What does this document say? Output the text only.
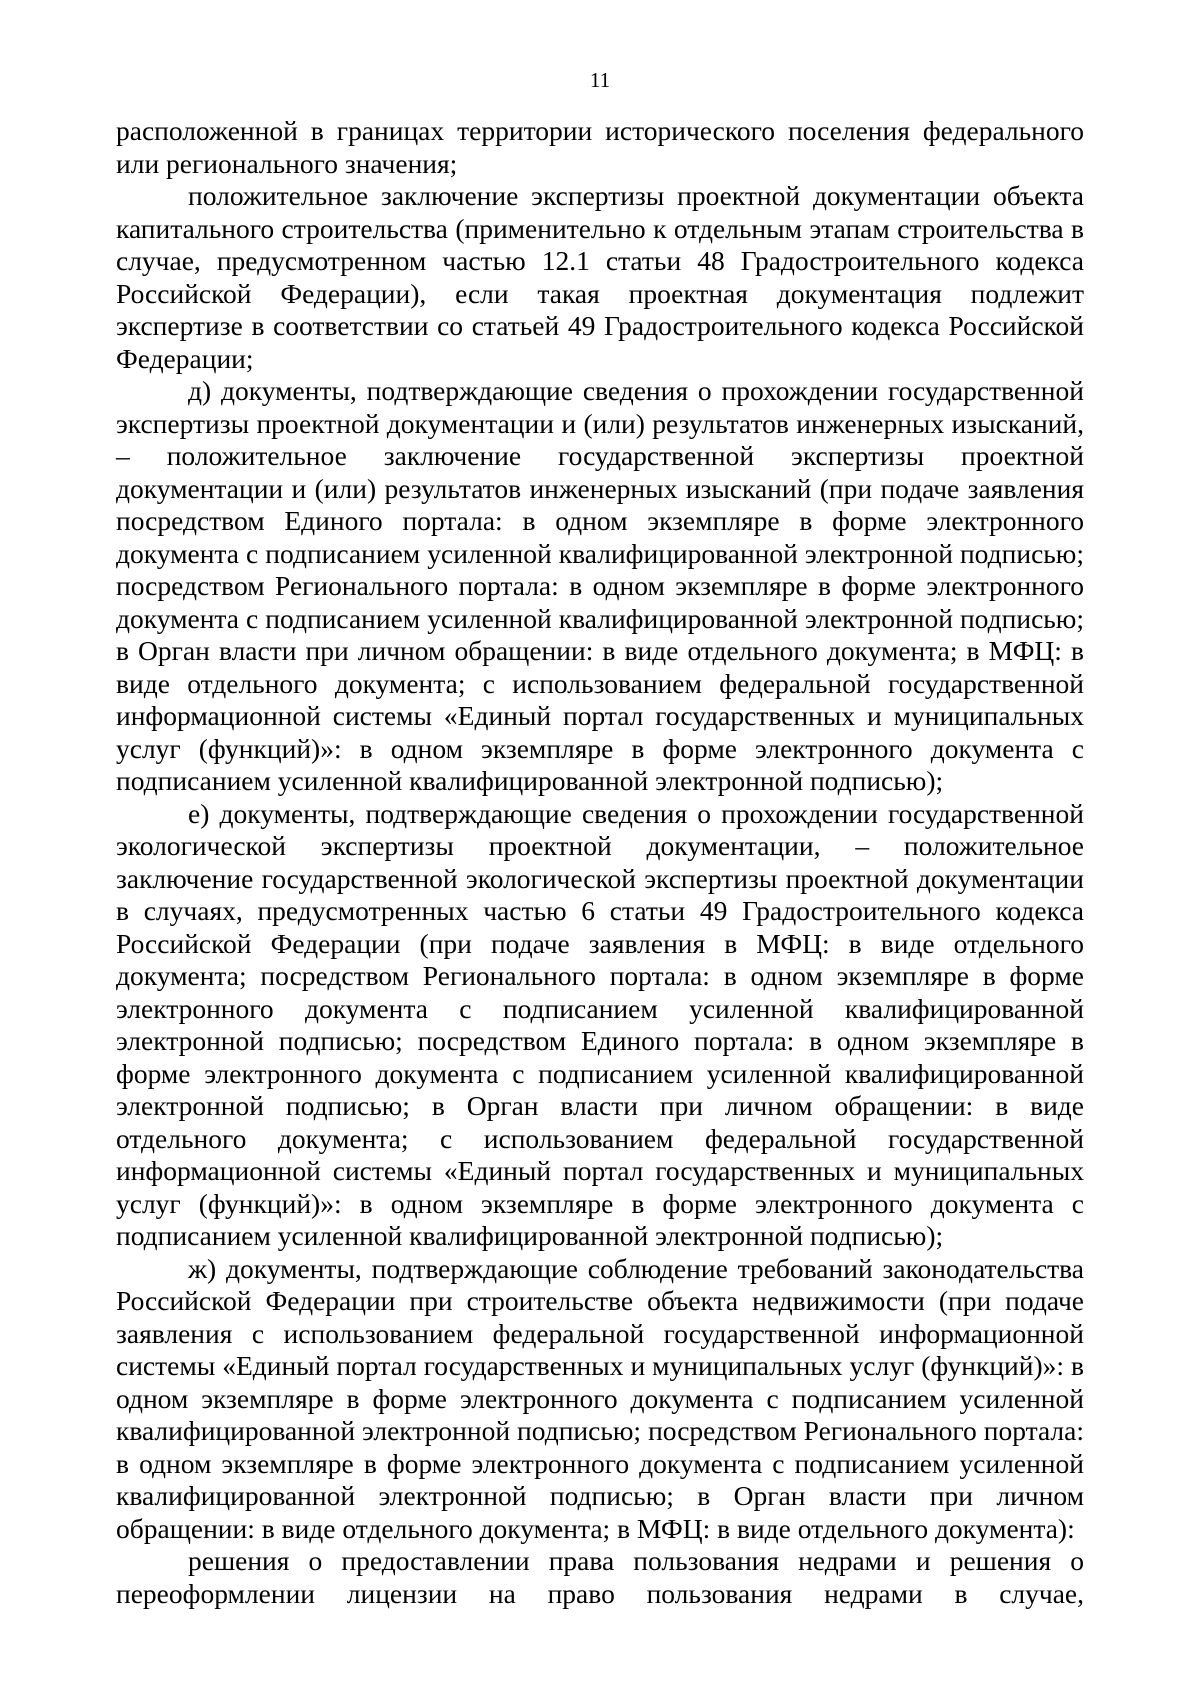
11

расположенной в границах территории исторического поселения федерального или регионального значения;

положительное заключение экспертизы проектной документации объекта капитального строительства (применительно к отдельным этапам строительства в случае, предусмотренном частью 12.1 статьи 48 Градостроительного кодекса Российской Федерации), если такая проектная документация подлежит экспертизе в соответствии со статьей 49 Градостроительного кодекса Российской Федерации;

д) документы, подтверждающие сведения о прохождении государственной экспертизы проектной документации и (или) результатов инженерных изысканий, – положительное заключение государственной экспертизы проектной документации и (или) результатов инженерных изысканий (при подаче заявления посредством Единого портала: в одном экземпляре в форме электронного документа с подписанием усиленной квалифицированной электронной подписью; посредством Регионального портала: в одном экземпляре в форме электронного документа с подписанием усиленной квалифицированной электронной подписью; в Орган власти при личном обращении: в виде отдельного документа; в МФЦ: в виде отдельного документа; с использованием федеральной государственной информационной системы «Единый портал государственных и муниципальных услуг (функций)»: в одном экземпляре в форме электронного документа с подписанием усиленной квалифицированной электронной подписью);

е) документы, подтверждающие сведения о прохождении государственной экологической экспертизы проектной документации, – положительное заключение государственной экологической экспертизы проектной документации в случаях, предусмотренных частью 6 статьи 49 Градостроительного кодекса Российской Федерации (при подаче заявления в МФЦ: в виде отдельного документа; посредством Регионального портала: в одном экземпляре в форме электронного документа с подписанием усиленной квалифицированной электронной подписью; посредством Единого портала: в одном экземпляре в форме электронного документа с подписанием усиленной квалифицированной электронной подписью; в Орган власти при личном обращении: в виде отдельного документа; с использованием федеральной государственной информационной системы «Единый портал государственных и муниципальных услуг (функций)»: в одном экземпляре в форме электронного документа с подписанием усиленной квалифицированной электронной подписью);

ж) документы, подтверждающие соблюдение требований законодательства Российской Федерации при строительстве объекта недвижимости (при подаче заявления с использованием федеральной государственной информационной системы «Единый портал государственных и муниципальных услуг (функций)»: в одном экземпляре в форме электронного документа с подписанием усиленной квалифицированной электронной подписью; посредством Регионального портала: в одном экземпляре в форме электронного документа с подписанием усиленной квалифицированной электронной подписью; в Орган власти при личном обращении: в виде отдельного документа; в МФЦ: в виде отдельного документа):

решения о предоставлении права пользования недрами и решения о переоформлении лицензии на право пользования недрами в случае,
